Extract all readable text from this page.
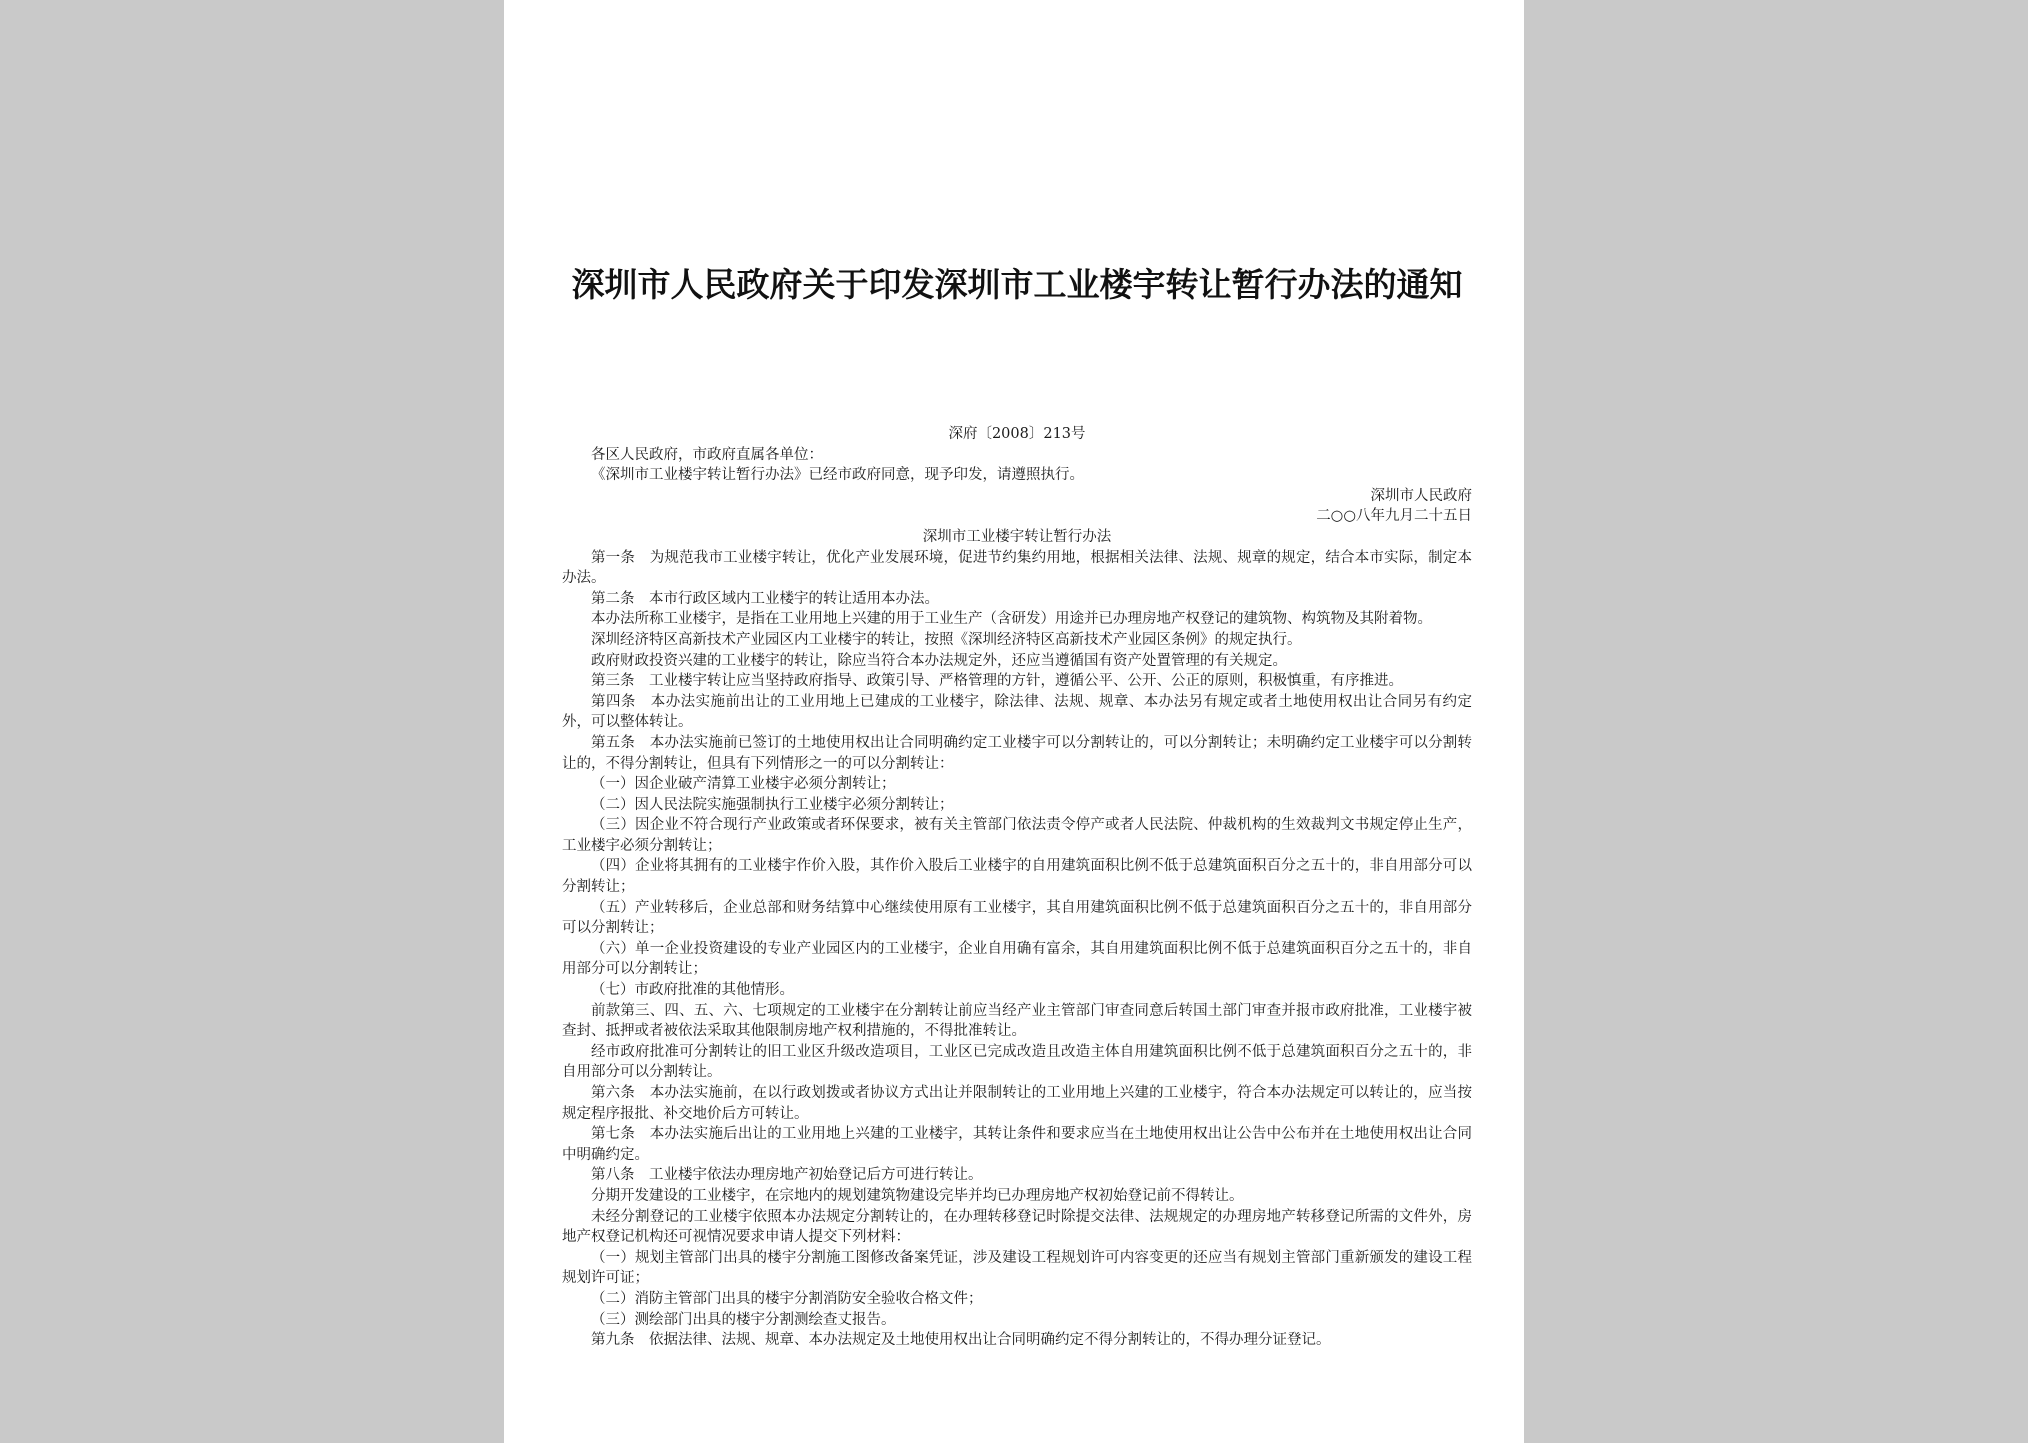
深圳市人民政府关于印发深圳市工业楼宇转让暂行办法的通知

深府〔2008〕213号

各区人民政府，市政府直属各单位：

《深圳市工业楼宇转让暂行办法》已经市政府同意，现予印发，请遵照执行。

深圳市人民政府

二○○八年九月二十五日

深圳市工业楼宇转让暂行办法

第一条　为规范我市工业楼宇转让，优化产业发展环境，促进节约集约用地，根据相关法律、法规、规章的规定，结合本市实际，制定本办法。

第二条　本市行政区域内工业楼宇的转让适用本办法。

本办法所称工业楼宇，是指在工业用地上兴建的用于工业生产（含研发）用途并已办理房地产权登记的建筑物、构筑物及其附着物。

深圳经济特区高新技术产业园区内工业楼宇的转让，按照《深圳经济特区高新技术产业园区条例》的规定执行。

政府财政投资兴建的工业楼宇的转让，除应当符合本办法规定外，还应当遵循国有资产处置管理的有关规定。

第三条　工业楼宇转让应当坚持政府指导、政策引导、严格管理的方针，遵循公平、公开、公正的原则，积极慎重，有序推进。

第四条　本办法实施前出让的工业用地上已建成的工业楼宇，除法律、法规、规章、本办法另有规定或者土地使用权出让合同另有约定外，可以整体转让。

第五条　本办法实施前已签订的土地使用权出让合同明确约定工业楼宇可以分割转让的，可以分割转让；未明确约定工业楼宇可以分割转让的，不得分割转让，但具有下列情形之一的可以分割转让：

（一）因企业破产清算工业楼宇必须分割转让；

（二）因人民法院实施强制执行工业楼宇必须分割转让；

（三）因企业不符合现行产业政策或者环保要求，被有关主管部门依法责令停产或者人民法院、仲裁机构的生效裁判文书规定停止生产，工业楼宇必须分割转让；

（四）企业将其拥有的工业楼宇作价入股，其作价入股后工业楼宇的自用建筑面积比例不低于总建筑面积百分之五十的，非自用部分可以分割转让；

（五）产业转移后，企业总部和财务结算中心继续使用原有工业楼宇，其自用建筑面积比例不低于总建筑面积百分之五十的，非自用部分可以分割转让；

（六）单一企业投资建设的专业产业园区内的工业楼宇，企业自用确有富余，其自用建筑面积比例不低于总建筑面积百分之五十的，非自用部分可以分割转让；

（七）市政府批准的其他情形。

前款第三、四、五、六、七项规定的工业楼宇在分割转让前应当经产业主管部门审查同意后转国土部门审查并报市政府批准，工业楼宇被查封、抵押或者被依法采取其他限制房地产权利措施的，不得批准转让。

经市政府批准可分割转让的旧工业区升级改造项目，工业区已完成改造且改造主体自用建筑面积比例不低于总建筑面积百分之五十的，非自用部分可以分割转让。

第六条　本办法实施前，在以行政划拨或者协议方式出让并限制转让的工业用地上兴建的工业楼宇，符合本办法规定可以转让的，应当按规定程序报批、补交地价后方可转让。

第七条　本办法实施后出让的工业用地上兴建的工业楼宇，其转让条件和要求应当在土地使用权出让公告中公布并在土地使用权出让合同中明确约定。

第八条　工业楼宇依法办理房地产初始登记后方可进行转让。

分期开发建设的工业楼宇，在宗地内的规划建筑物建设完毕并均已办理房地产权初始登记前不得转让。

未经分割登记的工业楼宇依照本办法规定分割转让的，在办理转移登记时除提交法律、法规规定的办理房地产转移登记所需的文件外，房地产权登记机构还可视情况要求申请人提交下列材料：

（一）规划主管部门出具的楼宇分割施工图修改备案凭证，涉及建设工程规划许可内容变更的还应当有规划主管部门重新颁发的建设工程规划许可证；

（二）消防主管部门出具的楼宇分割消防安全验收合格文件；

（三）测绘部门出具的楼宇分割测绘查丈报告。

第九条　依据法律、法规、规章、本办法规定及土地使用权出让合同明确约定不得分割转让的，不得办理分证登记。
